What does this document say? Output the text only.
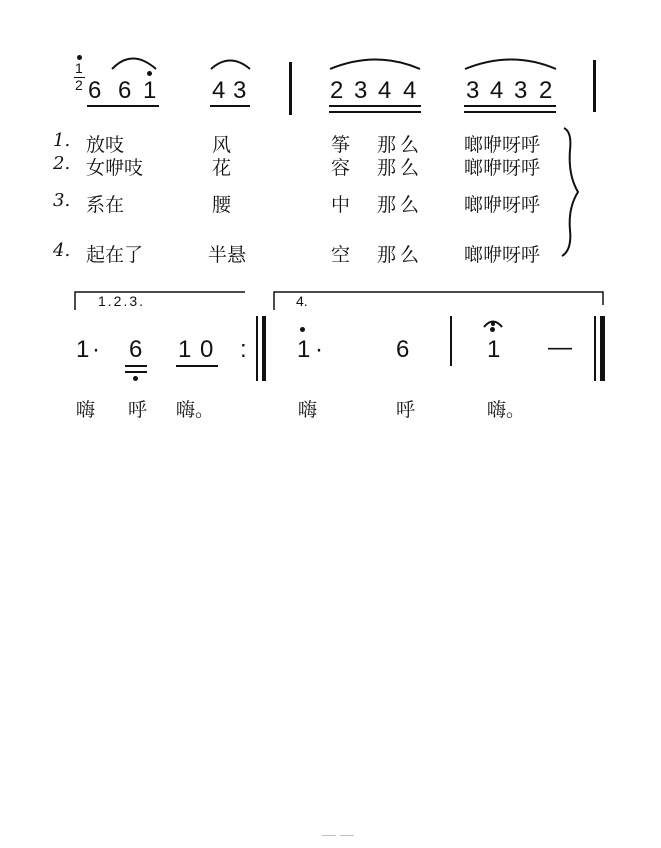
1
2 6 6 1 4 3	2 3 4 4 3 4 3 2
1. 放吱	风	筝 那么 啷咿呀呼
2. 女咿吱	花	容 那么 啷咿呀呼
3. 系在	腰	中 那么 啷咿呀呼
4. 起在了	半悬	空 那么 啷咿呀呼
1.2.3.	4.
1 · 6 1 0 : 1 ·	6	1 —
嗨 呼 嗨。	嗨	呼	嗨。
— —
